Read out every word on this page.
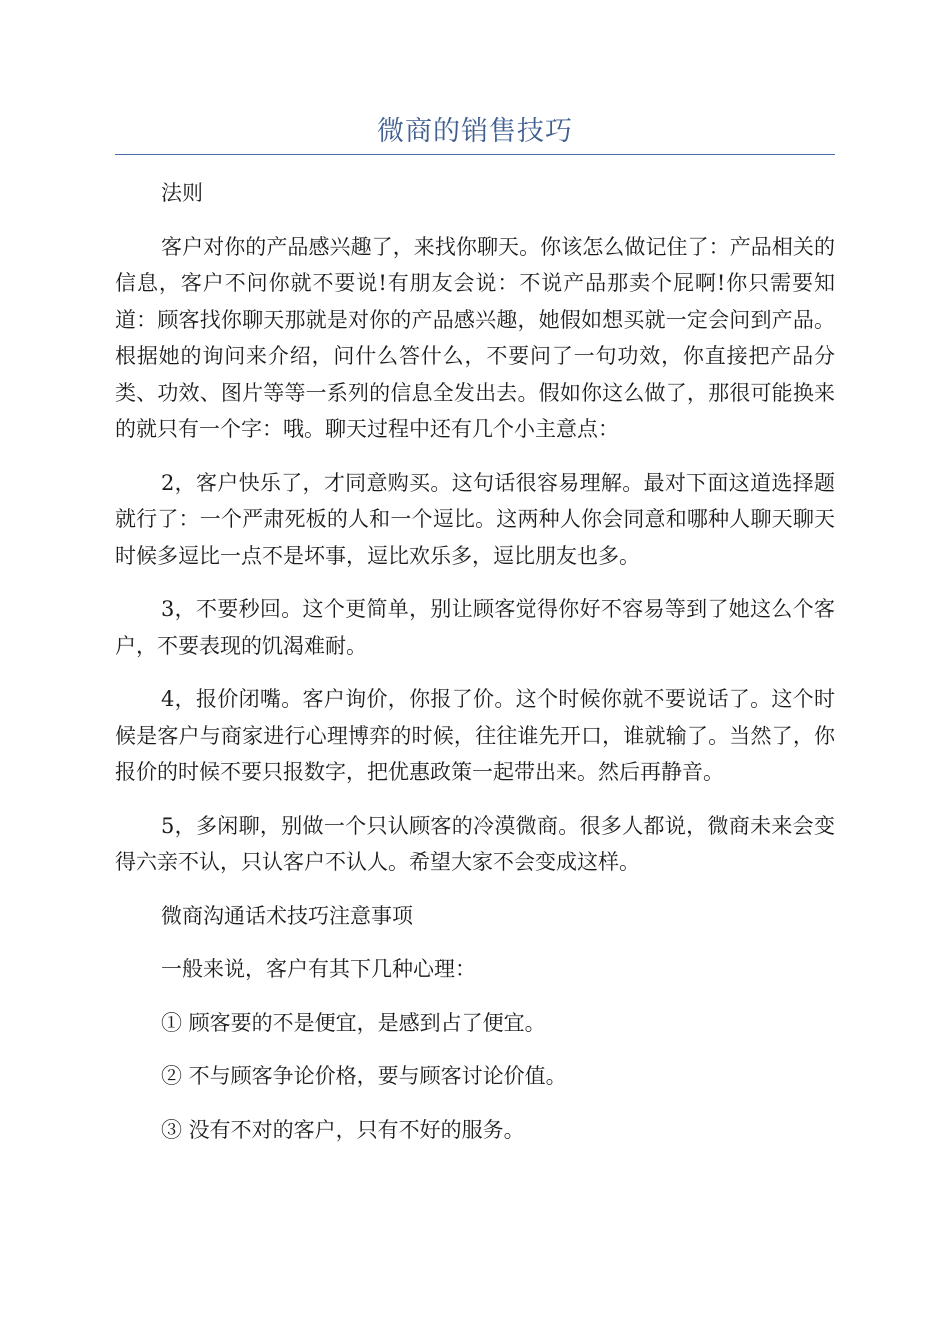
微商的销售技巧

法则

客户对你的产品感兴趣了，来找你聊天。你该怎么做记住了：产品相关的信息，客户不问你就不要说!有朋友会说：不说产品那卖个屁啊!你只需要知道：顾客找你聊天那就是对你的产品感兴趣，她假如想买就一定会问到产品。根据她的询问来介绍，问什么答什么，不要问了一句功效，你直接把产品分类、功效、图片等等一系列的信息全发出去。假如你这么做了，那很可能换来的就只有一个字：哦。聊天过程中还有几个小主意点：

2，客户快乐了，才同意购买。这句话很容易理解。最对下面这道选择题就行了：一个严肃死板的人和一个逗比。这两种人你会同意和哪种人聊天聊天时候多逗比一点不是坏事，逗比欢乐多，逗比朋友也多。

3，不要秒回。这个更简单，别让顾客觉得你好不容易等到了她这么个客户，不要表现的饥渴难耐。

4，报价闭嘴。客户询价，你报了价。这个时候你就不要说话了。这个时候是客户与商家进行心理博弈的时候，往往谁先开口，谁就输了。当然了，你报价的时候不要只报数字，把优惠政策一起带出来。然后再静音。

5，多闲聊，别做一个只认顾客的冷漠微商。很多人都说，微商未来会变得六亲不认，只认客户不认人。希望大家不会变成这样。

微商沟通话术技巧注意事项

一般来说，客户有其下几种心理：

① 顾客要的不是便宜，是感到占了便宜。

② 不与顾客争论价格，要与顾客讨论价值。

③ 没有不对的客户，只有不好的服务。
